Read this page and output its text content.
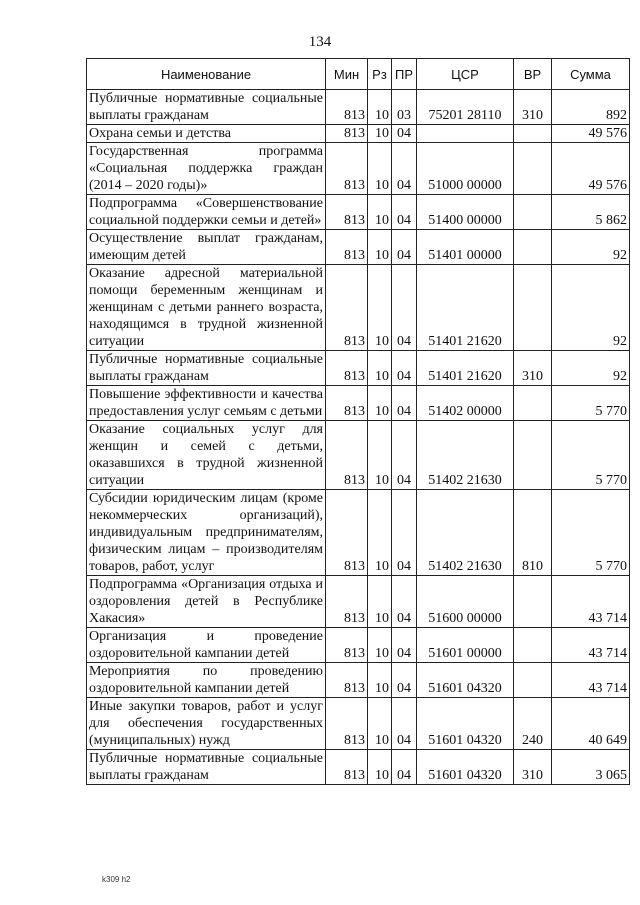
134
Наименование	Мин	Рз	ПР	ЦСР	ВР	Сумма
Публичные нормативные социальные выплаты гражданам	813	10	03	75201 28110	310	892
Охрана семьи и детства	813	10	04			49 576
Государственная программа «Социальная поддержка граждан (2014 – 2020 годы)»	813	10	04	51000 00000		49 576
Подпрограмма «Совершенствование социальной поддержки семьи и детей»	813	10	04	51400 00000		5 862
Осуществление выплат гражданам, имеющим детей	813	10	04	51401 00000		92
Оказание адресной материальной помощи беременным женщинам и женщинам с детьми раннего возраста, находящимся в трудной жизненной ситуации	813	10	04	51401 21620		92
Публичные нормативные социальные выплаты гражданам	813	10	04	51401 21620	310	92
Повышение эффективности и качества предоставления услуг семьям с детьми	813	10	04	51402 00000		5 770
Оказание социальных услуг для женщин и семей с детьми, оказавшихся в трудной жизненной ситуации	813	10	04	51402 21630		5 770
Субсидии юридическим лицам (кроме некоммерческих организаций), индивидуальным предпринимателям, физическим лицам – производителям товаров, работ, услуг	813	10	04	51402 21630	810	5 770
Подпрограмма «Организация отдыха и оздоровления детей в Республике Хакасия»	813	10	04	51600 00000		43 714
Организация и проведение оздоровительной кампании детей	813	10	04	51601 00000		43 714
Мероприятия по проведению оздоровительной кампании детей	813	10	04	51601 04320		43 714
Иные закупки товаров, работ и услуг для обеспечения государственных (муниципальных) нужд	813	10	04	51601 04320	240	40 649
Публичные нормативные социальные выплаты гражданам	813	10	04	51601 04320	310	3 065
k309 h2
